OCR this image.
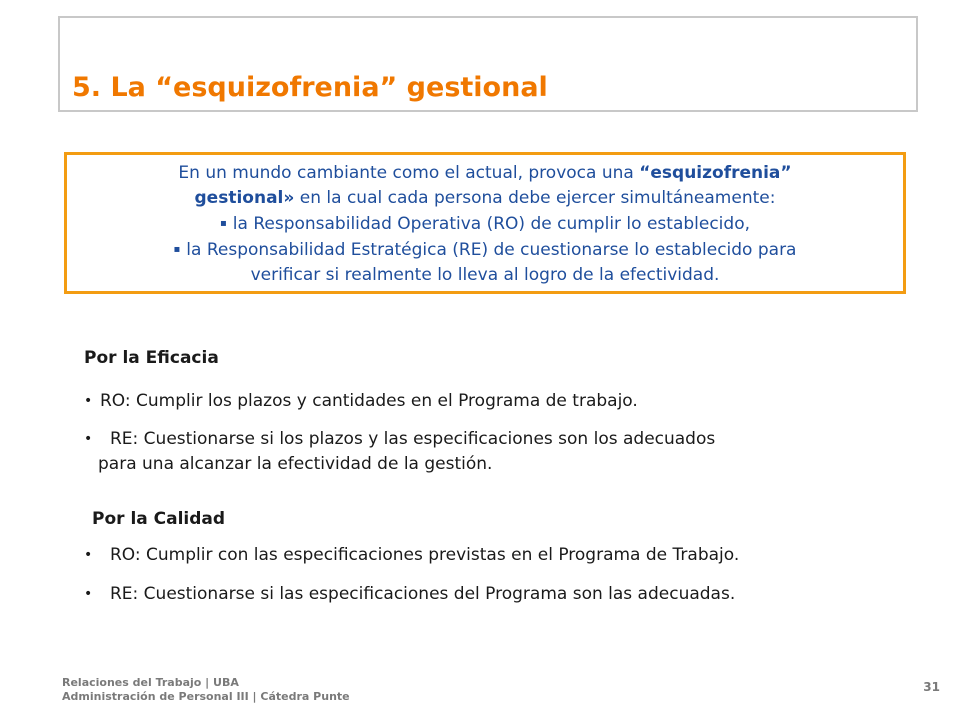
5. La “esquizofrenia” gestional
En un mundo cambiante como el actual, provoca una “esquizofrenia”
gestional» en la cual cada persona debe ejercer simultáneamente:
▪ la Responsabilidad Operativa (RO) de cumplir lo establecido,
▪ la Responsabilidad Estratégica (RE) de cuestionarse lo establecido para
verificar si realmente lo lleva al logro de la efectividad.
Por la Eficacia
• RO: Cumplir los plazos y cantidades en el Programa de trabajo.
• RE: Cuestionarse si los plazos y las especificaciones son los adecuados
para una alcanzar la efectividad de la gestión.
Por la Calidad
• RO: Cumplir con las especificaciones previstas en el Programa de Trabajo.
• RE: Cuestionarse si las especificaciones del Programa son las adecuadas.
Relaciones del Trabajo | UBA
Administración de Personal III | Cátedra Punte
31
